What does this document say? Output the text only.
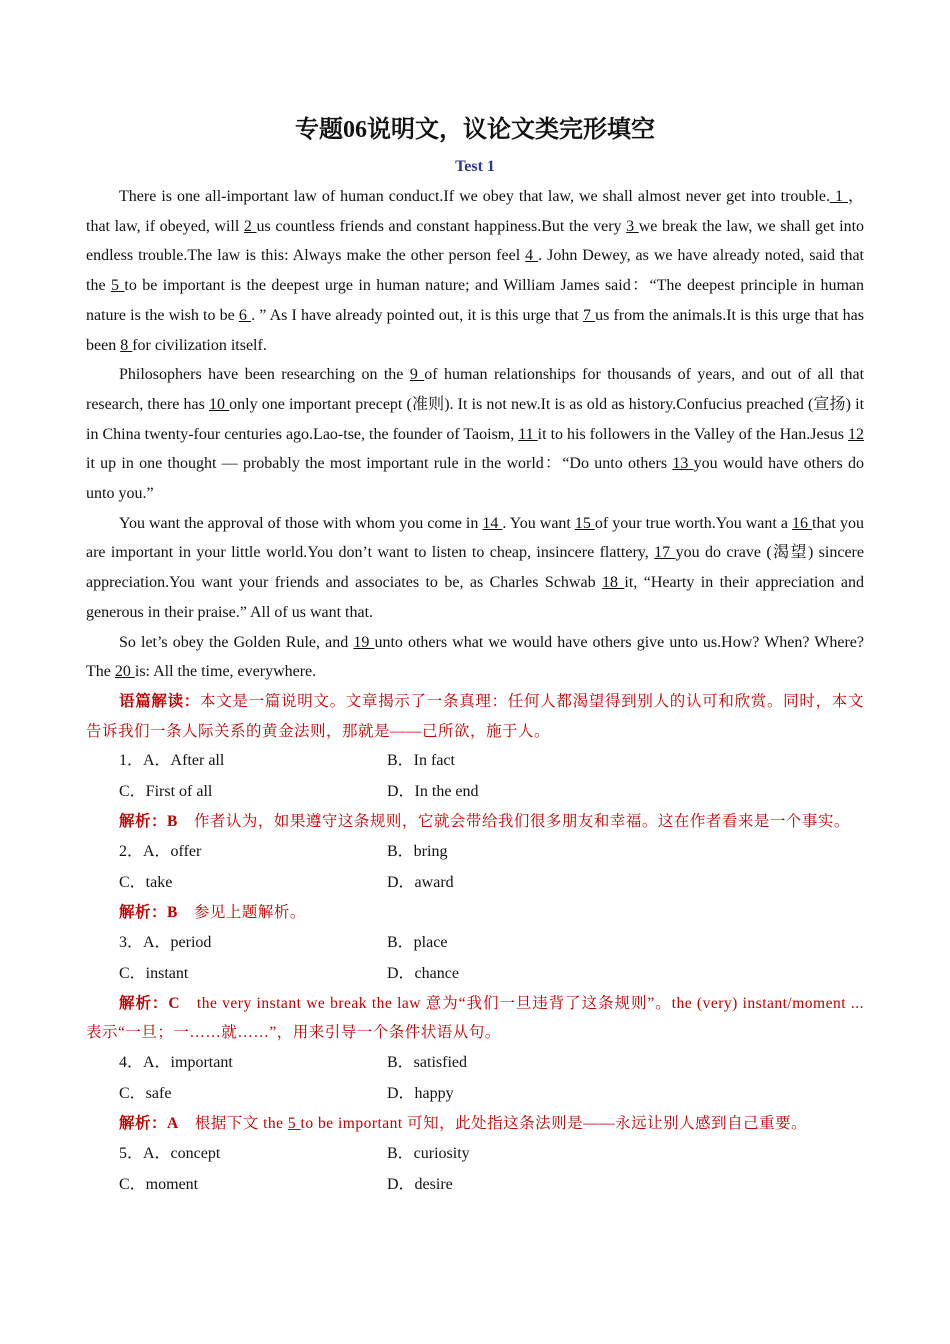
专题06说明文，议论文类完形填空
Test 1

There is one all-important law of human conduct.If we obey that law, we shall almost never get into trouble. 1 ， that law, if obeyed, will 2 us countless friends and constant happiness.But the very 3 we break the law, we shall get into endless trouble.The law is this: Always make the other person feel 4 . John Dewey, as we have already noted, said that the 5 to be important is the deepest urge in human nature; and William James said：“The deepest principle in human nature is the wish to be 6 . ” As I have already pointed out, it is this urge that 7 us from the animals.It is this urge that has been 8 for civilization itself.

Philosophers have been researching on the 9 of human relationships for thousands of years, and out of all that research, there has 10 only one important precept (准则). It is not new.It is as old as history.Confucius preached (宣扬) it in China twenty-four centuries ago.Lao-tse, the founder of Taoism, 11 it to his followers in the Valley of the Han.Jesus 12 it up in one thought — probably the most important rule in the world：“Do unto others 13 you would have others do unto you.”

You want the approval of those with whom you come in 14 . You want 15 of your true worth.You want a 16 that you are important in your little world.You don’t want to listen to cheap, insincere flattery, 17 you do crave (渴望) sincere appreciation.You want your friends and associates to be, as Charles Schwab 18 it, “Hearty in their appreciation and generous in their praise.” All of us want that.

So let’s obey the Golden Rule, and 19 unto others what we would have others give unto us.How? When? Where? The 20 is: All the time, everywhere.

语篇解读：本文是一篇说明文。文章揭示了一条真理：任何人都渴望得到别人的认可和欣赏。同时，本文告诉我们一条人际关系的黄金法则，那就是——己所欲，施于人。
1．A．After all	B．In fact
C．First of all	D．In the end
解析：B　作者认为，如果遵守这条规则，它就会带给我们很多朋友和幸福。这在作者看来是一个事实。
2．A．offer	B．bring
C．take	D．award
解析：B　参见上题解析。
3．A．period	B．place
C．instant	D．chance
解析：C　the very instant we break the law 意为“我们一旦违背了这条规则”。the (very) instant/moment ...表示“一旦；一……就……”，用来引导一个条件状语从句。
4．A．important	B．satisfied
C．safe	D．happy
解析：A　根据下文 the 5 to be important 可知，此处指这条法则是——永远让别人感到自己重要。
5．A．concept	B．curiosity
C．moment	D．desire
